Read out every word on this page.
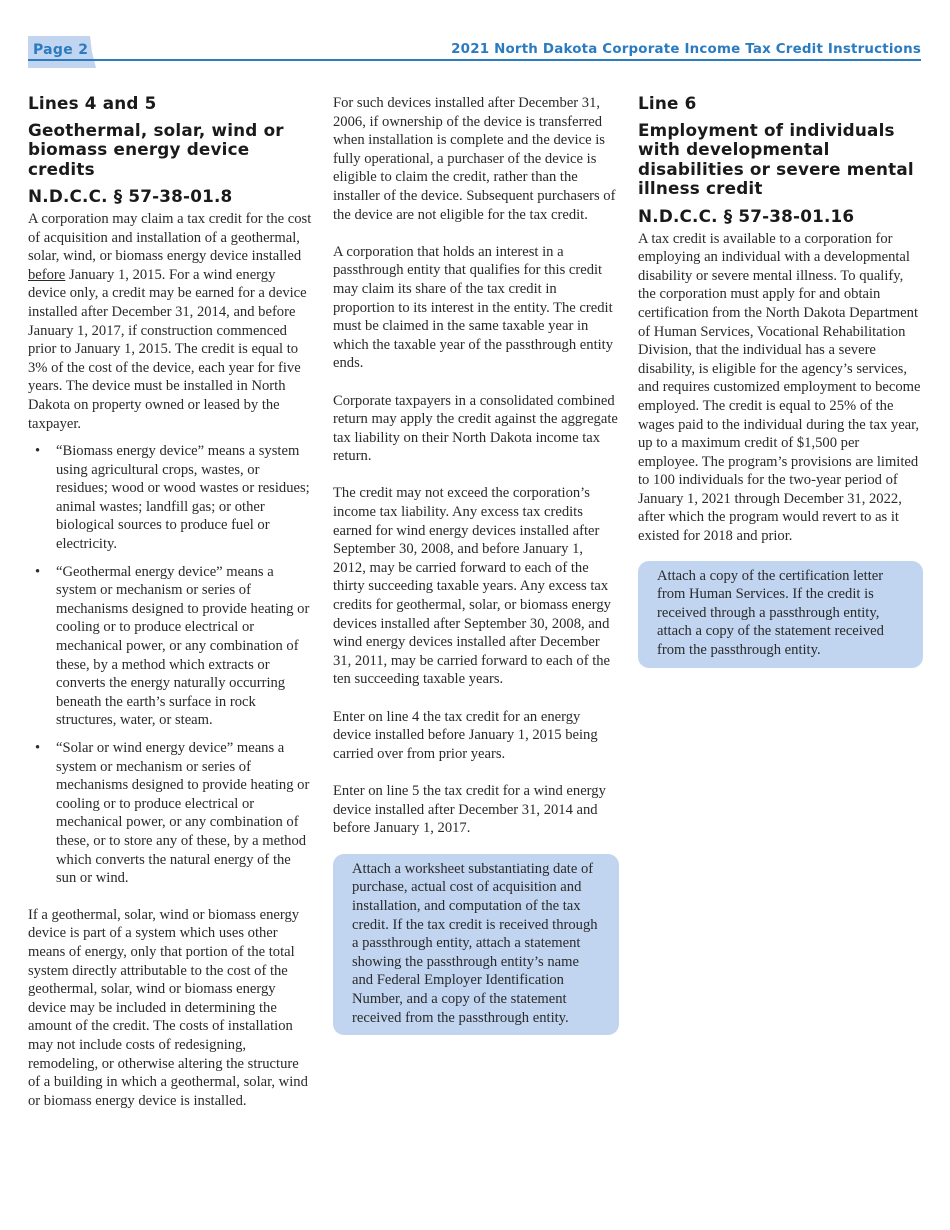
Page 2	2021 North Dakota Corporate Income Tax Credit Instructions
Lines 4 and 5
Geothermal, solar, wind or biomass energy device credits
N.D.C.C. § 57-38-01.8

A corporation may claim a tax credit for the cost of acquisition and installation of a geothermal, solar, wind, or biomass energy device installed before January 1, 2015. For a wind energy device only, a credit may be earned for a device installed after December 31, 2014, and before January 1, 2017, if construction commenced prior to January 1, 2015. The credit is equal to 3% of the cost of the device, each year for five years. The device must be installed in North Dakota on property owned or leased by the taxpayer.

• “Biomass energy device” means a system using agricultural crops, wastes, or residues; wood or wood wastes or residues; animal wastes; landfill gas; or other biological sources to produce fuel or electricity.
• “Geothermal energy device” means a system or mechanism or series of mechanisms designed to provide heating or cooling or to produce electrical or mechanical power, or any combination of these, by a method which extracts or converts the energy naturally occurring beneath the earth’s surface in rock structures, water, or steam.
• “Solar or wind energy device” means a system or mechanism or series of mechanisms designed to provide heating or cooling or to produce electrical or mechanical power, or any combination of these, or to store any of these, by a method which converts the natural energy of the sun or wind.

If a geothermal, solar, wind or biomass energy device is part of a system which uses other means of energy, only that portion of the total system directly attributable to the cost of the geothermal, solar, wind or biomass energy device may be included in determining the amount of the credit. The costs of installation may not include costs of redesigning, remodeling, or otherwise altering the structure of a building in which a geothermal, solar, wind or biomass energy device is installed.

For such devices installed after December 31, 2006, if ownership of the device is transferred when installation is complete and the device is fully operational, a purchaser of the device is eligible to claim the credit, rather than the installer of the device. Subsequent purchasers of the device are not eligible for the tax credit.

A corporation that holds an interest in a passthrough entity that qualifies for this credit may claim its share of the tax credit in proportion to its interest in the entity. The credit must be claimed in the same taxable year in which the taxable year of the passthrough entity ends.

Corporate taxpayers in a consolidated combined return may apply the credit against the aggregate tax liability on their North Dakota income tax return.

The credit may not exceed the corporation’s income tax liability. Any excess tax credits earned for wind energy devices installed after September 30, 2008, and before January 1, 2012, may be carried forward to each of the thirty succeeding taxable years. Any excess tax credits for geothermal, solar, or biomass energy devices installed after September 30, 2008, and wind energy devices installed after December 31, 2011, may be carried forward to each of the ten succeeding taxable years.

Enter on line 4 the tax credit for an energy device installed before January 1, 2015 being carried over from prior years.

Enter on line 5 the tax credit for a wind energy device installed after December 31, 2014 and before January 1, 2017.

Attach a worksheet substantiating date of purchase, actual cost of acquisition and installation, and computation of the tax credit. If the tax credit is received through a passthrough entity, attach a statement showing the passthrough entity’s name and Federal Employer Identification Number, and a copy of the statement received from the passthrough entity.

Line 6
Employment of individuals with developmental disabilities or severe mental illness credit
N.D.C.C. § 57-38-01.16

A tax credit is available to a corporation for employing an individual with a developmental disability or severe mental illness. To qualify, the corporation must apply for and obtain certification from the North Dakota Department of Human Services, Vocational Rehabilitation Division, that the individual has a severe disability, is eligible for the agency’s services, and requires customized employment to become employed. The credit is equal to 25% of the wages paid to the individual during the tax year, up to a maximum credit of $1,500 per employee. The program’s provisions are limited to 100 individuals for the two-year period of January 1, 2021 through December 31, 2022, after which the program would revert to as it existed for 2018 and prior.

Attach a copy of the certification letter from Human Services. If the credit is received through a passthrough entity, attach a copy of the statement received from the passthrough entity.
